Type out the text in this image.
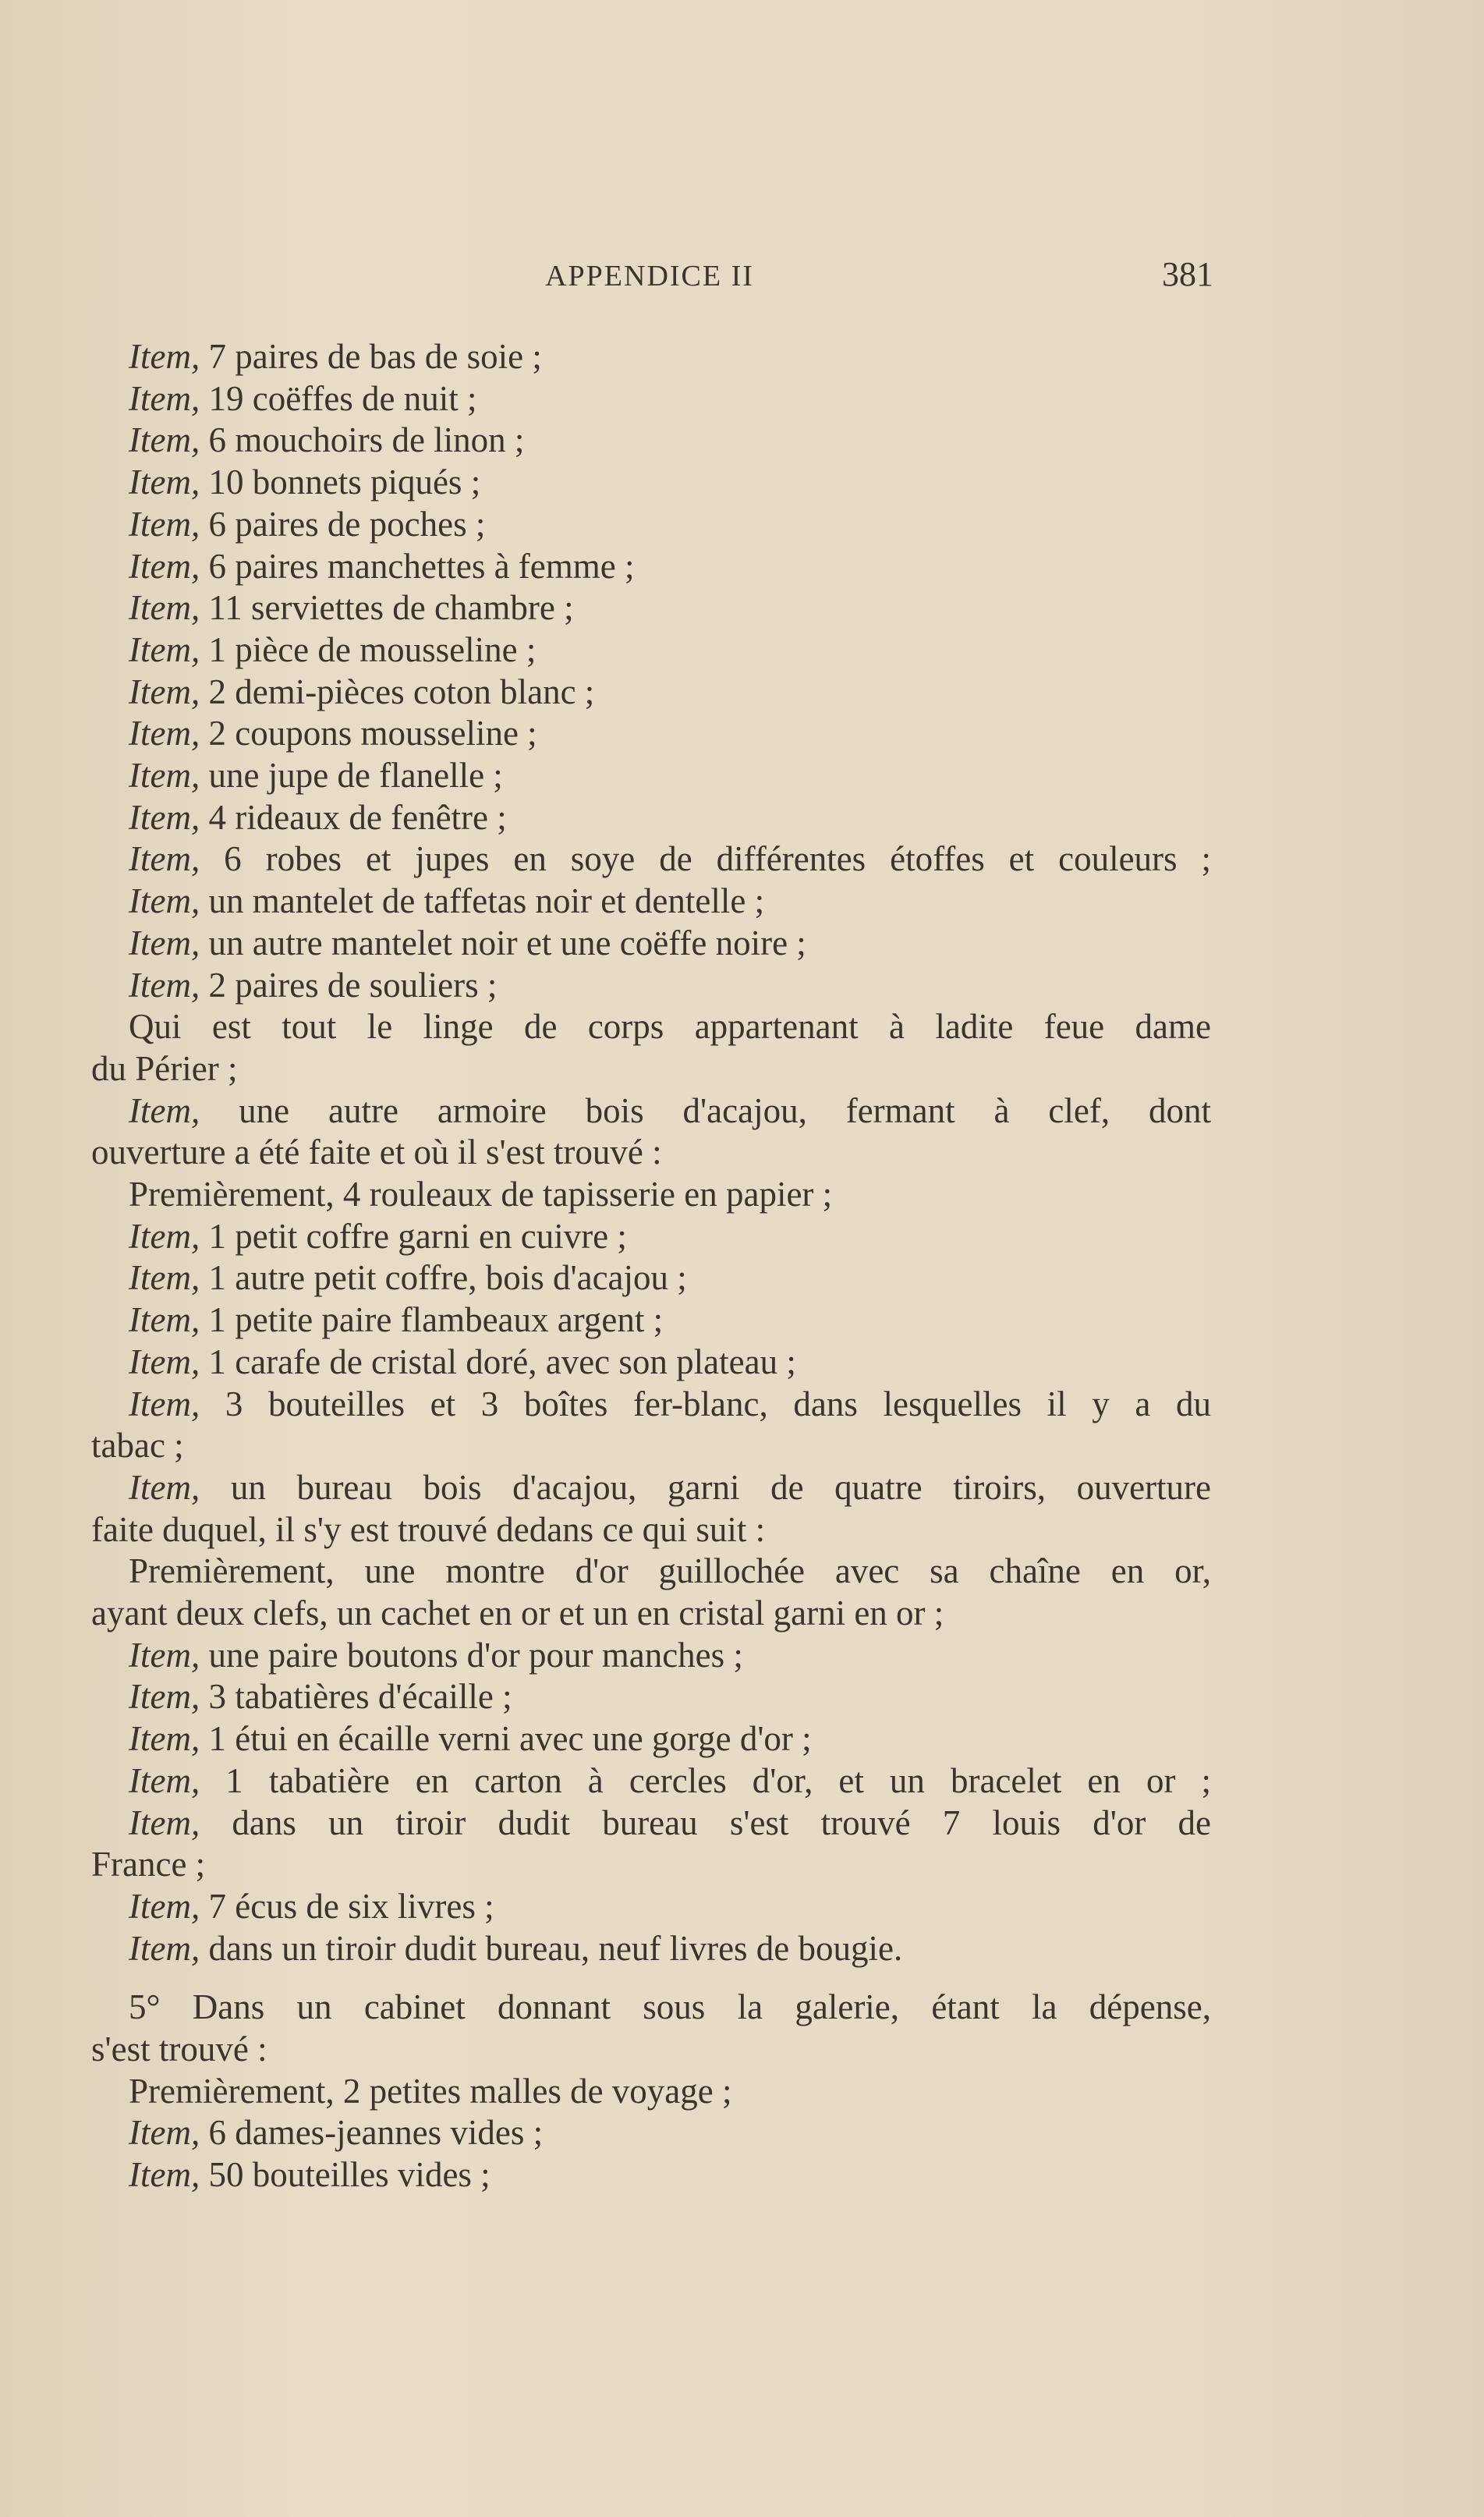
APPENDICE II	381
Item, 7 paires de bas de soie ;
Item, 19 coëffes de nuit ;
Item, 6 mouchoirs de linon ;
Item, 10 bonnets piqués ;
Item, 6 paires de poches ;
Item, 6 paires manchettes à femme ;
Item, 11 serviettes de chambre ;
Item, 1 pièce de mousseline ;
Item, 2 demi-pièces coton blanc ;
Item, 2 coupons mousseline ;
Item, une jupe de flanelle ;
Item, 4 rideaux de fenêtre ;
Item, 6 robes et jupes en soye de différentes étoffes et couleurs ;
Item, un mantelet de taffetas noir et dentelle ;
Item, un autre mantelet noir et une coëffe noire ;
Item, 2 paires de souliers ;
Qui est tout le linge de corps appartenant à ladite feue dame
du Périer ;
Item, une autre armoire bois d'acajou, fermant à clef, dont
ouverture a été faite et où il s'est trouvé :
Premièrement, 4 rouleaux de tapisserie en papier ;
Item, 1 petit coffre garni en cuivre ;
Item, 1 autre petit coffre, bois d'acajou ;
Item, 1 petite paire flambeaux argent ;
Item, 1 carafe de cristal doré, avec son plateau ;
Item, 3 bouteilles et 3 boîtes fer-blanc, dans lesquelles il y a du
tabac ;
Item, un bureau bois d'acajou, garni de quatre tiroirs, ouverture
faite duquel, il s'y est trouvé dedans ce qui suit :
Premièrement, une montre d'or guillochée avec sa chaîne en or,
ayant deux clefs, un cachet en or et un en cristal garni en or ;
Item, une paire boutons d'or pour manches ;
Item, 3 tabatières d'écaille ;
Item, 1 étui en écaille verni avec une gorge d'or ;
Item, 1 tabatière en carton à cercles d'or, et un bracelet en or ;
Item, dans un tiroir dudit bureau s'est trouvé 7 louis d'or de
France ;
Item, 7 écus de six livres ;
Item, dans un tiroir dudit bureau, neuf livres de bougie.
5° Dans un cabinet donnant sous la galerie, étant la dépense,
s'est trouvé :
Premièrement, 2 petites malles de voyage ;
Item, 6 dames-jeannes vides ;
Item, 50 bouteilles vides ;
